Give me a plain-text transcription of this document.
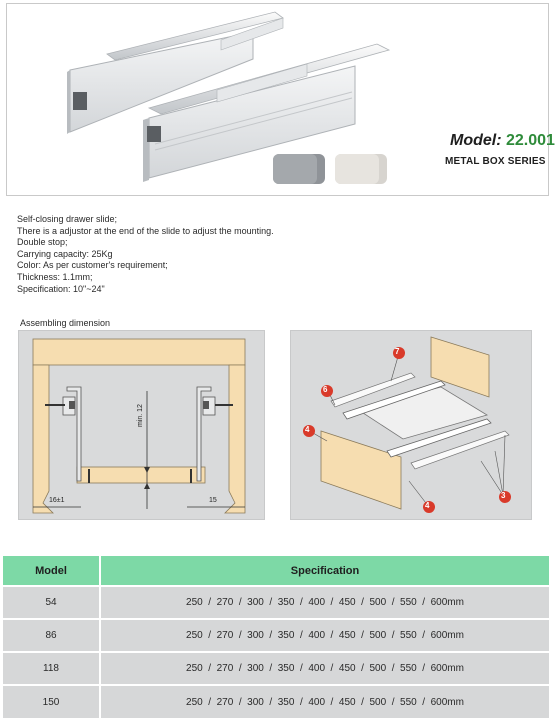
Model: 22.001
METAL BOX SERIES
Self-closing drawer slide;
There is a adjustor at the end of the slide to adjust the mounting.
Double stop;
Carrying capacity: 25Kg
Color: As per customer's requirement;
Thickness: 1.1mm;
Specification: 10"~24"
Assembling dimension
min. 12
16±1	15
7
6
4
4
3
Model	Specification
54	250  /  270  /  300  /  350  /  400  /  450  /  500  /  550  /  600mm
86	250  /  270  /  300  /  350  /  400  /  450  /  500  /  550  /  600mm
118	250  /  270  /  300  /  350  /  400  /  450  /  500  /  550  /  600mm
150	250  /  270  /  300  /  350  /  400  /  450  /  500  /  550  /  600mm
